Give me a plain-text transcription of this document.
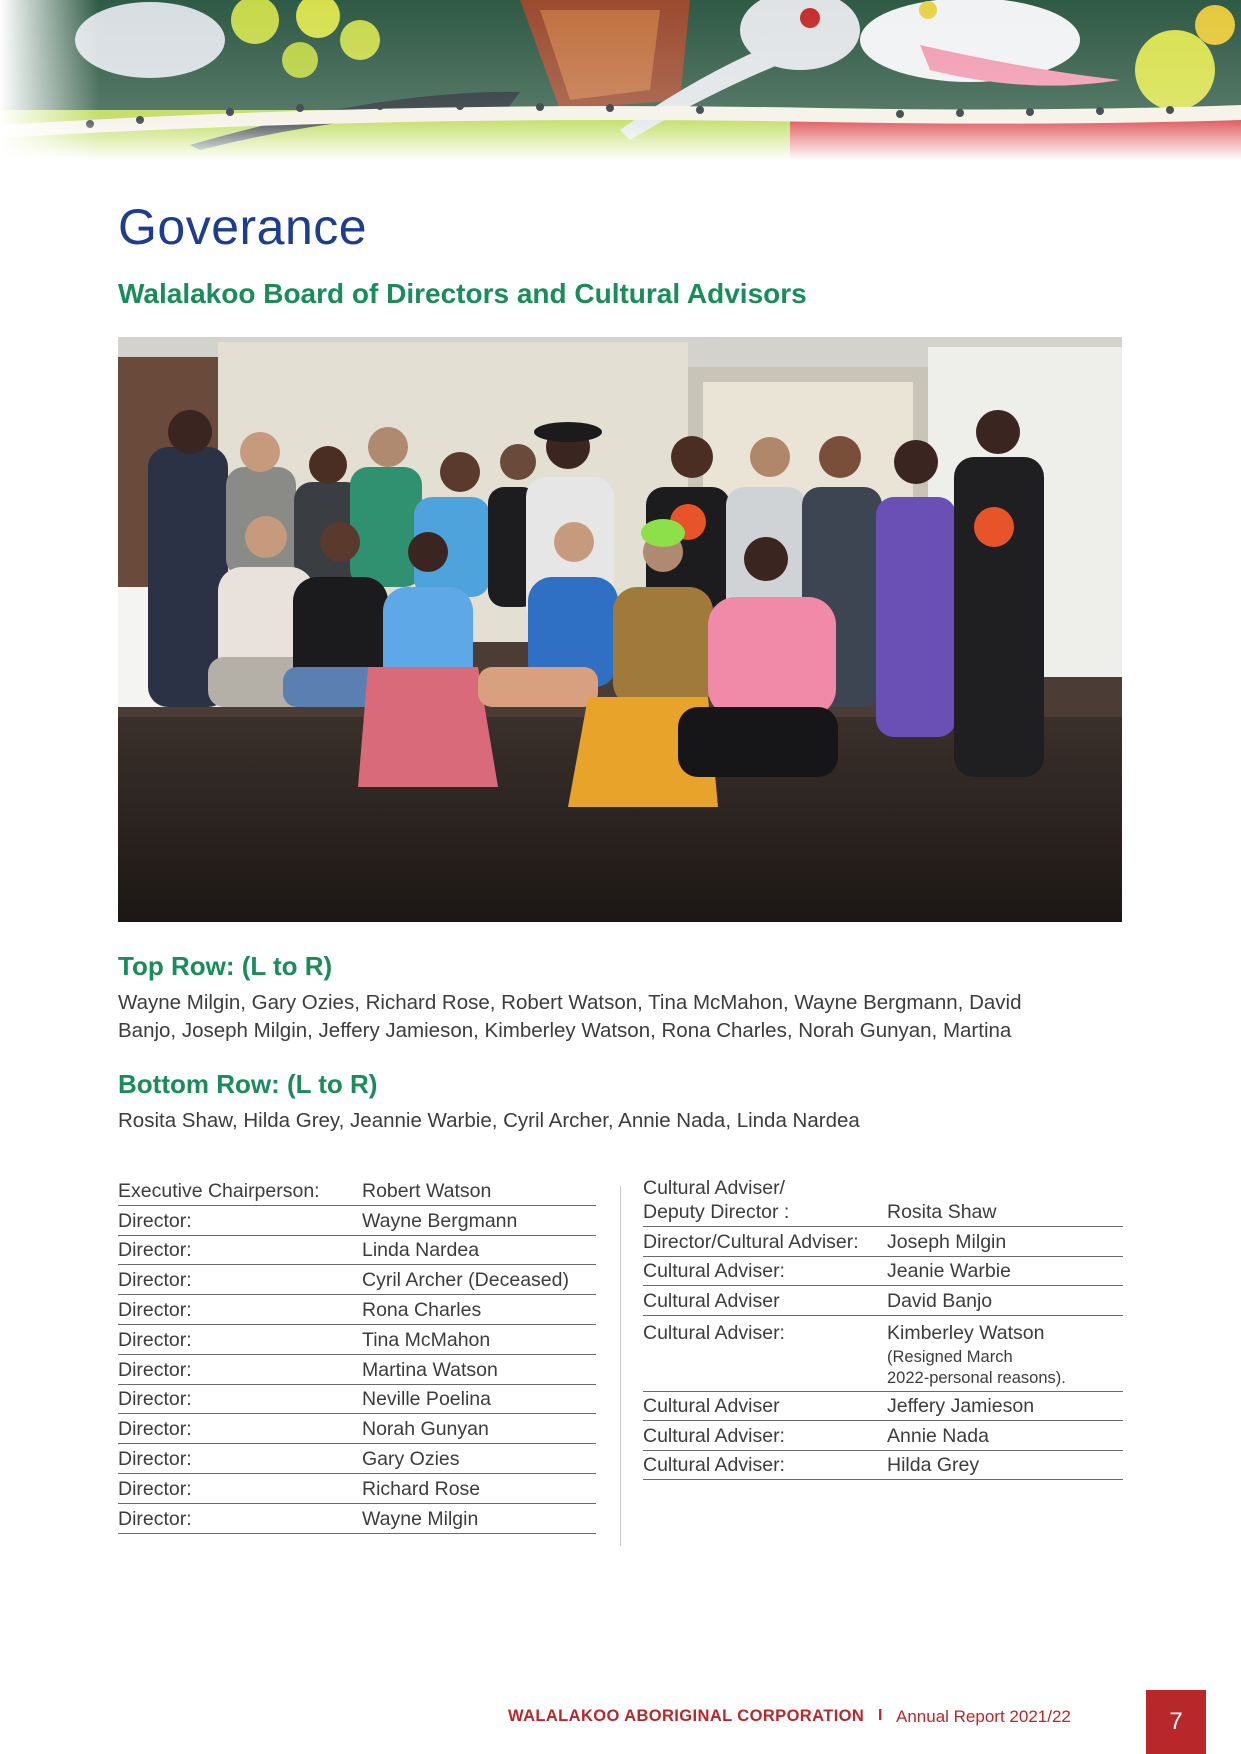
Goverance
Walalakoo Board of Directors and Cultural Advisors
Top Row: (L to R)

Wayne Milgin, Gary Ozies, Richard Rose, Robert Watson, Tina McMahon, Wayne Bergmann, David Banjo, Joseph Milgin, Jeffery Jamieson, Kimberley Watson, Rona Charles, Norah Gunyan, Martina

Bottom Row: (L to R)

Rosita Shaw, Hilda Grey, Jeannie Warbie, Cyril Archer, Annie Nada, Linda Nardea

Executive Chairperson:	Robert Watson
Director:	Wayne Bergmann
Director:	Linda Nardea
Director:	Cyril Archer (Deceased)
Director:	Rona Charles
Director:	Tina McMahon
Director:	Martina Watson
Director:	Neville Poelina
Director:	Norah Gunyan
Director:	Gary Ozies
Director:	Richard Rose
Director:	Wayne Milgin
Cultural Adviser/
Deputy Director :	Rosita Shaw
Director/Cultural Adviser:	Joseph Milgin
Cultural Adviser:	Jeanie Warbie
Cultural Adviser	David Banjo
Cultural Adviser:	Kimberley Watson
(Resigned March
2022-personal reasons).
Cultural Adviser	Jeffery Jamieson
Cultural Adviser:	Annie Nada
Cultural Adviser:	Hilda Grey

WALALAKOO ABORIGINAL CORPORATION I Annual Report 2021/22	7
